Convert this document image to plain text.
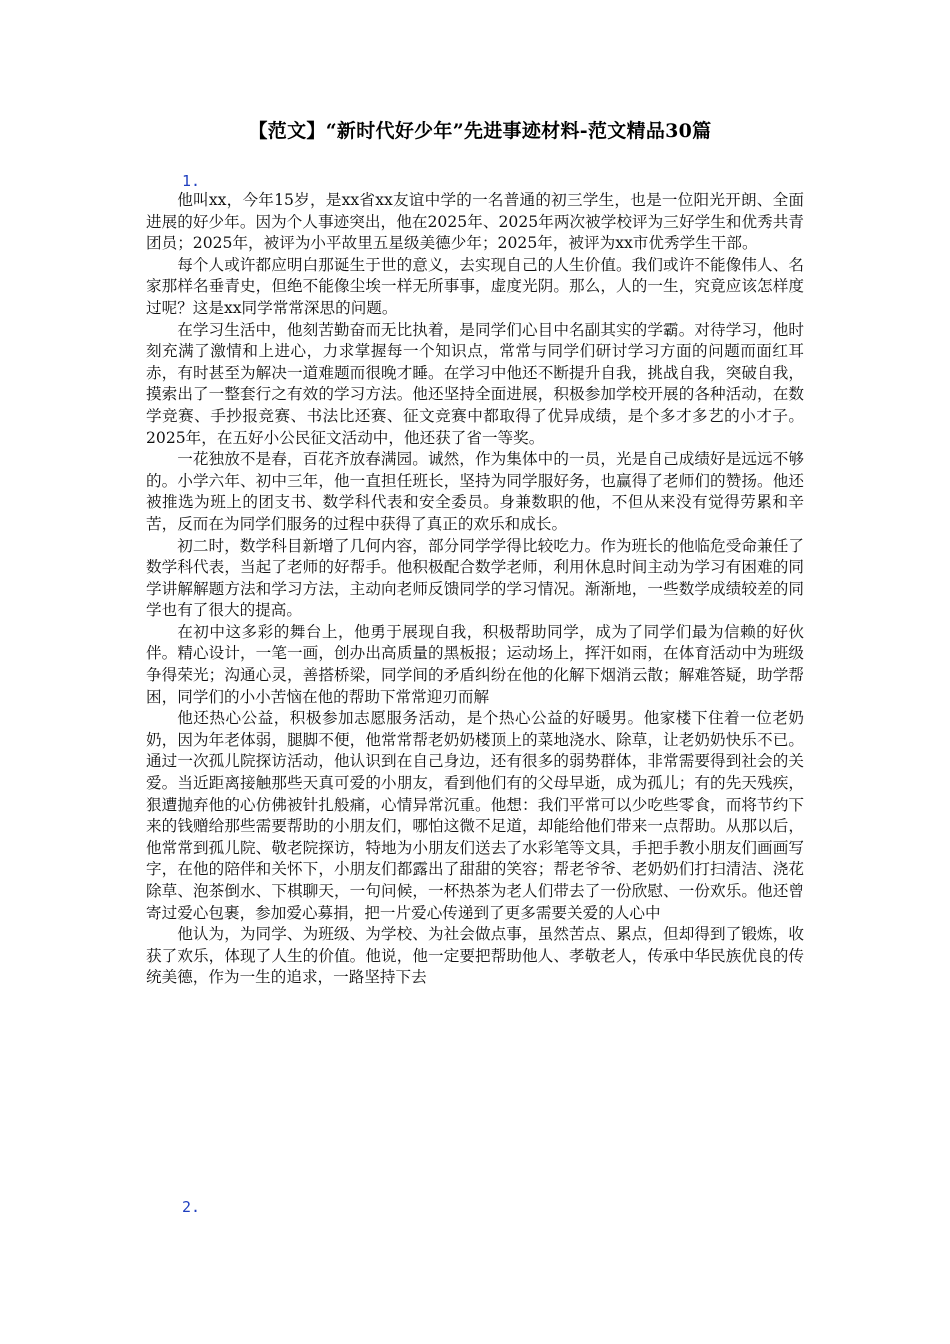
【范文】“新时代好少年”先进事迹材料-范文精品30篇
1.

他叫xx，今年15岁，是xx省xx友谊中学的一名普通的初三学生，也是一位阳光开朗、全面进展的好少年。因为个人事迹突出，他在2025年、2025年两次被学校评为三好学生和优秀共青团员；2025年，被评为小平故里五星级美德少年；2025年，被评为xx市优秀学生干部。

每个人或许都应明白那诞生于世的意义，去实现自己的人生价值。我们或许不能像伟人、名家那样名垂青史，但绝不能像尘埃一样无所事事，虚度光阴。那么，人的一生，究竟应该怎样度过呢？这是xx同学常常深思的问题。

在学习生活中，他刻苦勤奋而无比执着，是同学们心目中名副其实的学霸。对待学习，他时刻充满了激情和上进心，力求掌握每一个知识点，常常与同学们研讨学习方面的问题而面红耳赤，有时甚至为解决一道难题而很晚才睡。在学习中他还不断提升自我，挑战自我，突破自我，摸索出了一整套行之有效的学习方法。他还坚持全面进展，积极参加学校开展的各种活动，在数学竞赛、手抄报竞赛、书法比还赛、征文竞赛中都取得了优异成绩，是个多才多艺的小才子。2025年，在五好小公民征文活动中，他还获了省一等奖。

一花独放不是春，百花齐放春满园。诚然，作为集体中的一员，光是自己成绩好是远远不够的。小学六年、初中三年，他一直担任班长，坚持为同学服好务，也赢得了老师们的赞扬。他还被推选为班上的团支书、数学科代表和安全委员。身兼数职的他，不但从来没有觉得劳累和辛苦，反而在为同学们服务的过程中获得了真正的欢乐和成长。

初二时，数学科目新增了几何内容，部分同学学得比较吃力。作为班长的他临危受命兼任了数学科代表，当起了老师的好帮手。他积极配合数学老师，利用休息时间主动为学习有困难的同学讲解解题方法和学习方法，主动向老师反馈同学的学习情况。渐渐地，一些数学成绩较差的同学也有了很大的提高。

在初中这多彩的舞台上，他勇于展现自我，积极帮助同学，成为了同学们最为信赖的好伙伴。精心设计，一笔一画，创办出高质量的黑板报；运动场上，挥汗如雨，在体育活动中为班级争得荣光；沟通心灵，善搭桥梁，同学间的矛盾纠纷在他的化解下烟消云散；解难答疑，助学帮困，同学们的小小苦恼在他的帮助下常常迎刃而解

他还热心公益，积极参加志愿服务活动，是个热心公益的好暖男。他家楼下住着一位老奶奶，因为年老体弱，腿脚不便，他常常帮老奶奶楼顶上的菜地浇水、除草，让老奶奶快乐不已。通过一次孤儿院探访活动，他认识到在自己身边，还有很多的弱势群体，非常需要得到社会的关爱。当近距离接触那些天真可爱的小朋友，看到他们有的父母早逝，成为孤儿；有的先天残疾，狠遭抛弃他的心仿佛被针扎般痛，心情异常沉重。他想：我们平常可以少吃些零食，而将节约下来的钱赠给那些需要帮助的小朋友们，哪怕这微不足道，却能给他们带来一点帮助。从那以后，他常常到孤儿院、敬老院探访，特地为小朋友们送去了水彩笔等文具，手把手教小朋友们画画写字，在他的陪伴和关怀下，小朋友们都露出了甜甜的笑容；帮老爷爷、老奶奶们打扫清洁、浇花除草、泡茶倒水、下棋聊天，一句问候，一杯热茶为老人们带去了一份欣慰、一份欢乐。他还曾寄过爱心包裹，参加爱心募捐，把一片爱心传递到了更多需要关爱的人心中

他认为，为同学、为班级、为学校、为社会做点事，虽然苦点、累点，但却得到了锻炼，收获了欢乐，体现了人生的价值。他说，他一定要把帮助他人、孝敬老人，传承中华民族优良的传统美德，作为一生的追求，一路坚持下去

2.
